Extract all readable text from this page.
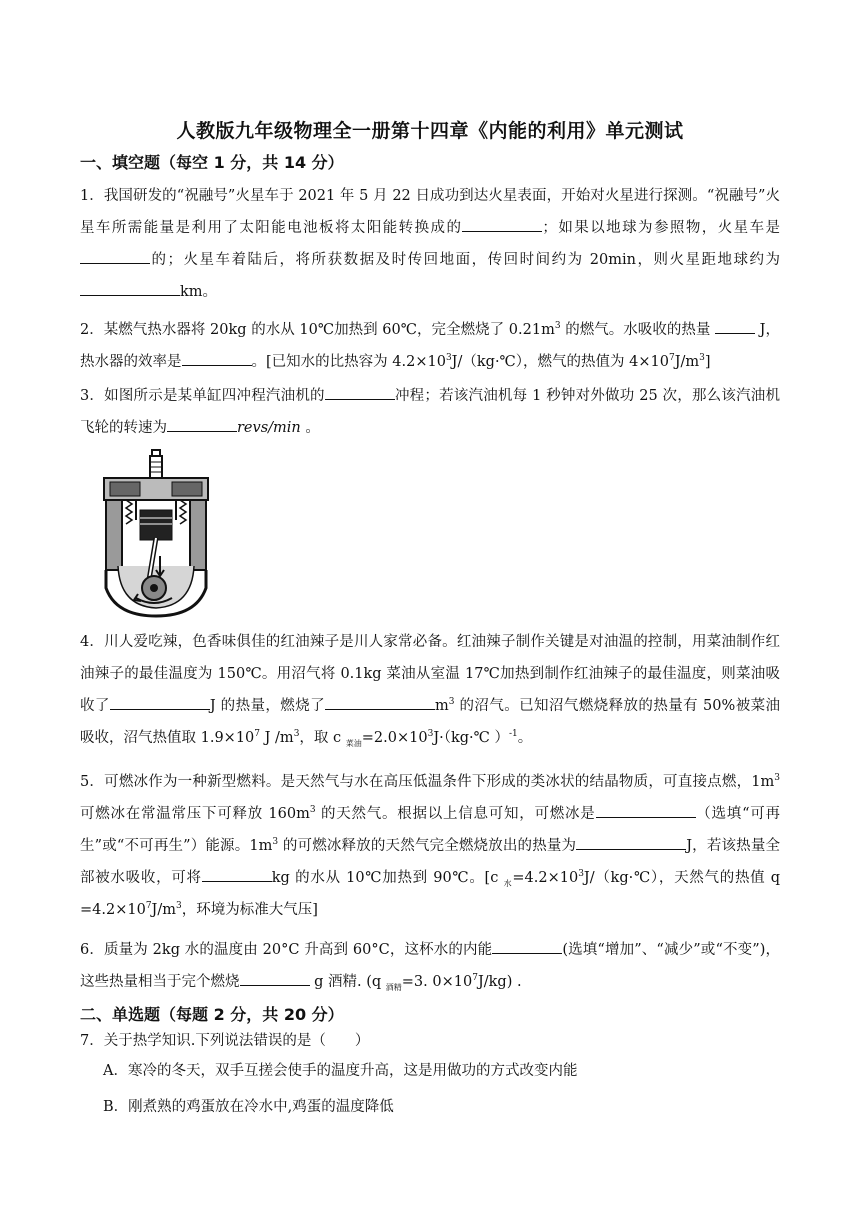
人教版九年级物理全一册第十四章《内能的利用》单元测试
一、填空题（每空 1 分，共 14 分）
1．我国研发的“祝融号”火星车于 2021 年 5 月 22 日成功到达火星表面，开始对火星进行探测。“祝融号”火星车所需能量是利用了太阳能电池板将太阳能转换成的	；如果以地球为参照物，火星车是的；火星车着陆后，将所获数据及时传回地面，传回时间约为 20min，则火星距地球约为km。
2．某燃气热水器将 20kg 的水从 10℃加热到 60℃，完全燃烧了 $0.21m^3$ 的燃气。水吸收的热量	J，热水器的效率是	。[已知水的比热容为 $4.2\times 10^3J/(kg\cdot℃)$，燃气的热值为 $4\times 10^7J/m^3$]
3．如图所示是某单缸四冲程汽油机的	冲程；若该汽油机每 1 秒钟对外做功 25 次，那么该汽油机飞轮的转速为	revs/min 。
4．川人爱吃辣，色香味俱佳的红油辣子是川人家常必备。红油辣子制作关键是对油温的控制，用菜油制作红油辣子的最佳温度为 150℃。用沼气将 0.1kg 菜油从室温 17℃加热到制作红油辣子的最佳温度，则菜油吸收了	J 的热量，燃烧了	$m^3$ 的沼气。已知沼气燃烧释放的热量有 50%被菜油吸收，沼气热值取 $1.9\times 10^7$ J $/m^3$，取 c $_{菜油}=2.0\times 10^3J\cdot(kg\cdot℃$ ）$^{-1}$。
5．可燃冰作为一种新型燃料。是天然气与水在高压低温条件下形成的类冰状的结晶物质，可直接点燃，$1m^3$ 可燃冰在常温常压下可释放 $160m^3$ 的天然气。根据以上信息可知，可燃冰是	（选填“可再生”或“不可再生”）能源。$1m^3$ 的可燃冰释放的天然气完全燃烧放出的热量为	J，若该热量全部被水吸收，可将	kg 的水从 10℃加热到 90℃。[c $_水=4.2\times 10^3J/(kg\cdot℃)$，天然气的热值 $q =4.2\times 10^7J/m^3$，环境为标准大气压]
6．质量为 2kg 水的温度由 20°C 升高到 60°C，这杯水的内能	(选填“增加”、“减少”或“不变”)，这些热量相当于完个燃烧	g 酒精. (q $_{酒精}$=3. $0\times 10^7J/kg$) .
二、单选题（每题 2 分，共 20 分）
7．关于热学知识.下列说法错误的是（　　）
A．寒冷的冬天，双手互搓会使手的温度升高，这是用做功的方式改变内能
B．刚煮熟的鸡蛋放在冷水中,鸡蛋的温度降低
